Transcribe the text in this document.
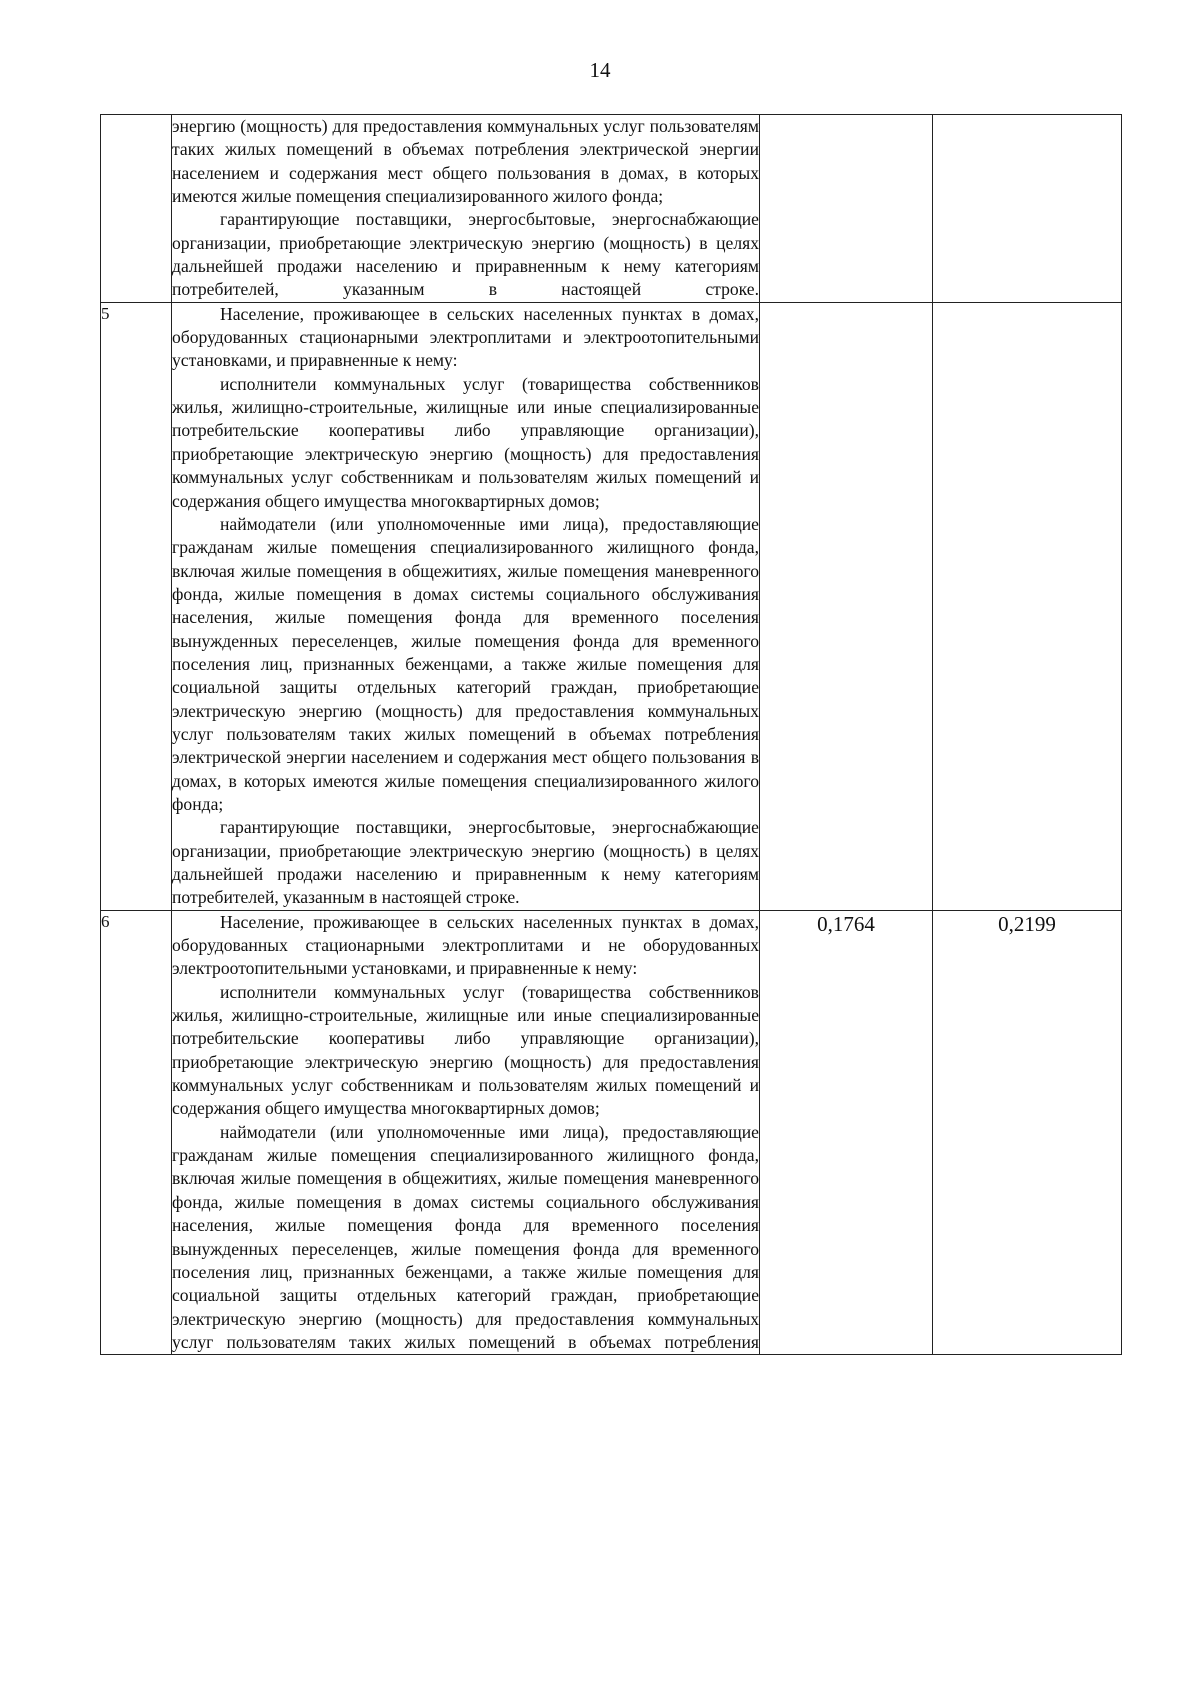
14

	энергию (мощность) для предоставления коммунальных услуг пользователям таких жилых помещений в объемах потребления электрической энергии населением и содержания мест общего пользования в домах, в которых имеются жилые помещения специализированного жилого фонда;

гарантирующие поставщики, энергосбытовые, энергоснабжающие организации, приобретающие электрическую энергию (мощность) в целях дальнейшей продажи населению и приравненным к нему категориям потребителей, указанным в настоящей строке.		

5	Население, проживающее в сельских населенных пунктах в домах, оборудованных стационарными электроплитами и электроотопительными установками, и приравненные к нему:

исполнители коммунальных услуг (товарищества собственников жилья, жилищно-строительные, жилищные или иные специализированные потребительские кооперативы либо управляющие организации), приобретающие электрическую энергию (мощность) для предоставления коммунальных услуг собственникам и пользователям жилых помещений и содержания общего имущества многоквартирных домов;

наймодатели (или уполномоченные ими лица), предоставляющие гражданам жилые помещения специализированного жилищного фонда, включая жилые помещения в общежитиях, жилые помещения маневренного фонда, жилые помещения в домах системы социального обслуживания населения, жилые помещения фонда для временного поселения вынужденных переселенцев, жилые помещения фонда для временного поселения лиц, признанных беженцами, а также жилые помещения для социальной защиты отдельных категорий граждан, приобретающие электрическую энергию (мощность) для предоставления коммунальных услуг пользователям таких жилых помещений в объемах потребления электрической энергии населением и содержания мест общего пользования в домах, в которых имеются жилые помещения специализированного жилого фонда;

гарантирующие поставщики, энергосбытовые, энергоснабжающие организации, приобретающие электрическую энергию (мощность) в целях дальнейшей продажи населению и приравненным к нему категориям потребителей, указанным в настоящей строке.		

6	Население, проживающее в сельских населенных пунктах в домах, оборудованных стационарными электроплитами и не оборудованных электроотопительными установками, и приравненные к нему:

исполнители коммунальных услуг (товарищества собственников жилья, жилищно-строительные, жилищные или иные специализированные потребительские кооперативы либо управляющие организации), приобретающие электрическую энергию (мощность) для предоставления коммунальных услуг собственникам и пользователям жилых помещений и содержания общего имущества многоквартирных домов;

наймодатели (или уполномоченные ими лица), предоставляющие гражданам жилые помещения специализированного жилищного фонда, включая жилые помещения в общежитиях, жилые помещения маневренного фонда, жилые помещения в домах системы социального обслуживания населения, жилые помещения фонда для временного поселения вынужденных переселенцев, жилые помещения фонда для временного поселения лиц, признанных беженцами, а также жилые помещения для социальной защиты отдельных категорий граждан, приобретающие электрическую энергию (мощность) для предоставления коммунальных услуг пользователям таких жилых помещений в объемах потребления	0,1764	0,2199
